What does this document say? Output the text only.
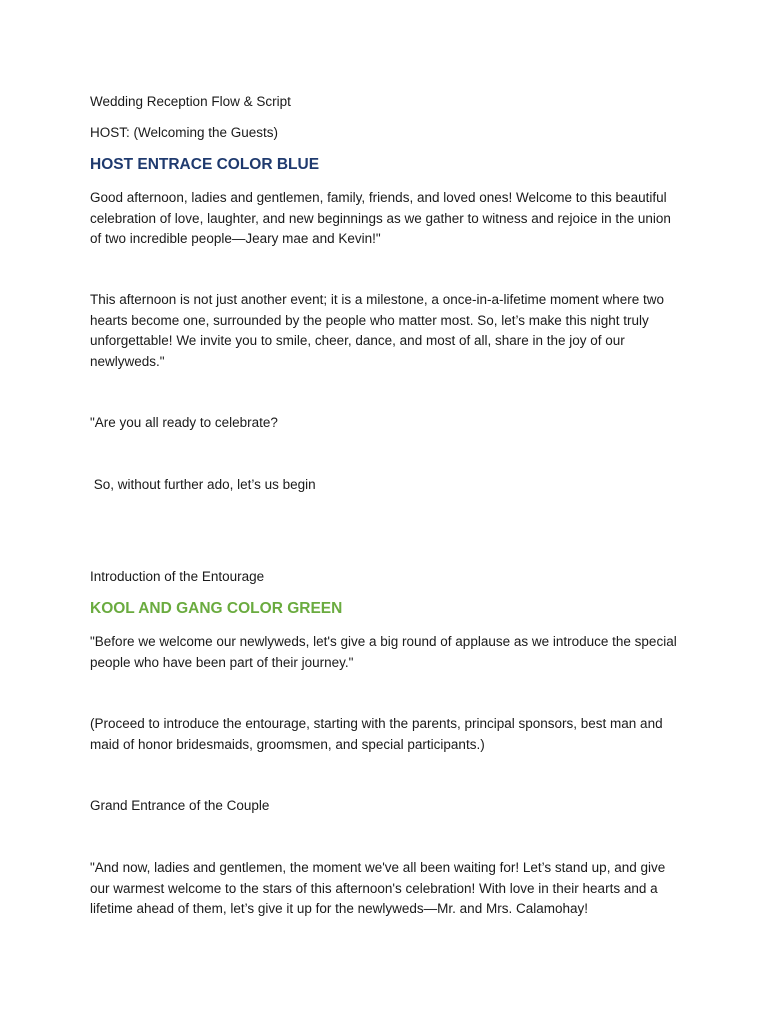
Wedding Reception Flow & Script

HOST: (Welcoming the Guests)

HOST ENTRACE COLOR BLUE

Good afternoon, ladies and gentlemen, family, friends, and loved ones! Welcome to this beautiful celebration of love, laughter, and new beginnings as we gather to witness and rejoice in the union of two incredible people—Jeary mae and Kevin!"

This afternoon is not just another event; it is a milestone, a once-in-a-lifetime moment where two hearts become one, surrounded by the people who matter most. So, let’s make this night truly unforgettable! We invite you to smile, cheer, dance, and most of all, share in the joy of our newlyweds."

"Are you all ready to celebrate?

So, without further ado, let’s us begin

Introduction of the Entourage

KOOL AND GANG COLOR GREEN

"Before we welcome our newlyweds, let's give a big round of applause as we introduce the special people who have been part of their journey."

(Proceed to introduce the entourage, starting with the parents, principal sponsors, best man and maid of honor bridesmaids, groomsmen, and special participants.)

Grand Entrance of the Couple

"And now, ladies and gentlemen, the moment we've all been waiting for! Let’s stand up, and give our warmest welcome to the stars of this afternoon's celebration! With love in their hearts and a lifetime ahead of them, let’s give it up for the newlyweds—Mr. and Mrs. Calamohay!
